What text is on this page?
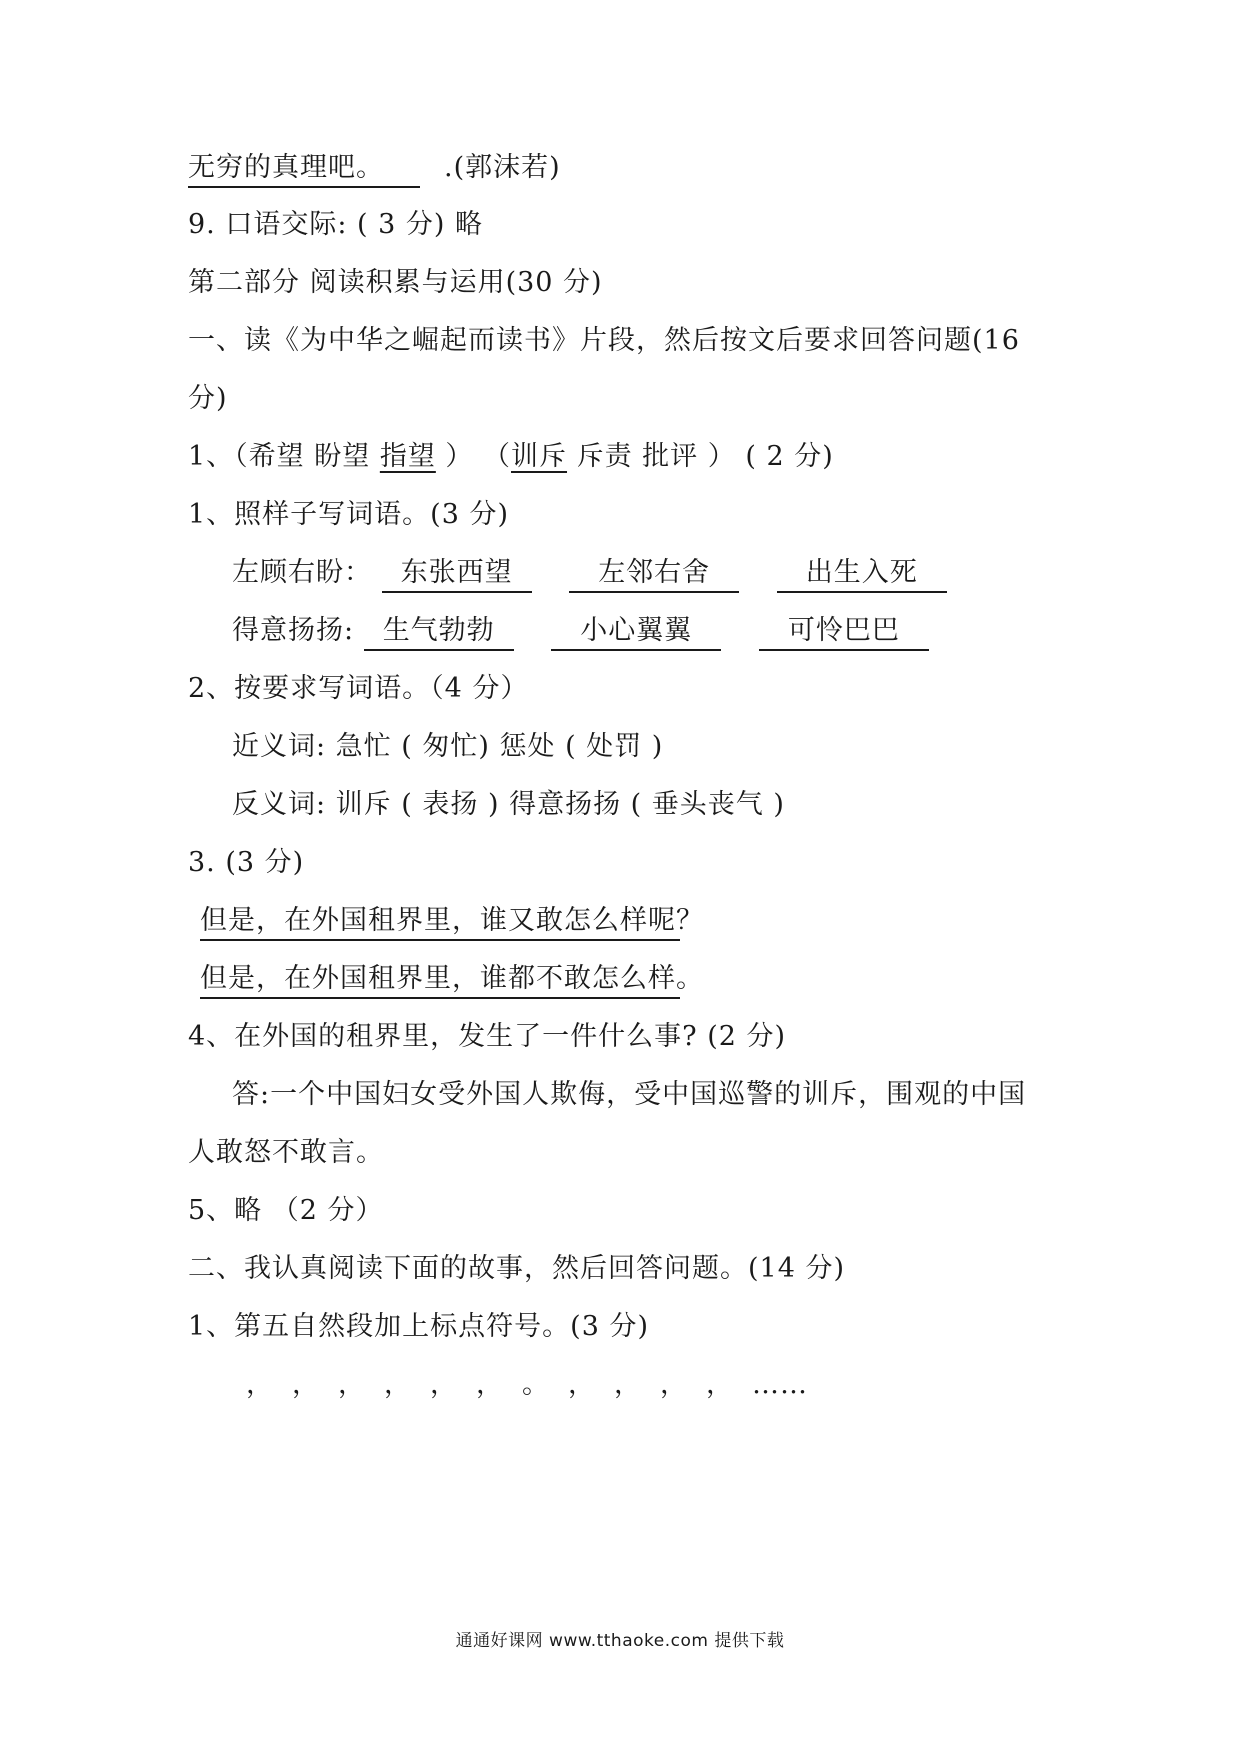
无穷的真理吧。 .(郭沫若)
9. 口语交际: ( 3 分) 略
第二部分 阅读积累与运用(30 分)
一、读《为中华之崛起而读书》片段，然后按文后要求回答问题(16
分)
1、（希望 盼望 指望 ） （训斥 斥责 批评 ） ( 2 分)
1、照样子写词语。(3 分)
左顾右盼： 东张西望	左邻右舍	出生入死
得意扬扬: 生气勃勃	小心翼翼	可怜巴巴
2、按要求写词语。（4 分）
近义词: 急忙 ( 匆忙) 惩处 ( 处罚 )
反义词: 训斥 ( 表扬 ) 得意扬扬 ( 垂头丧气 )
3. (3 分)
但是，在外国租界里，谁又敢怎么样呢？
但是，在外国租界里，谁都不敢怎么样。
4、在外国的租界里，发生了一件什么事? (2 分)
答:一个中国妇女受外国人欺侮，受中国巡警的训斥，围观的中国
人敢怒不敢言。
5、略 （2 分）
二、我认真阅读下面的故事，然后回答问题。(14 分)
1、第五自然段加上标点符号。(3 分)
， ， ， ， ， ， 。 ， ， ， ， ……
通通好课网 www.tthaoke.com 提供下载
